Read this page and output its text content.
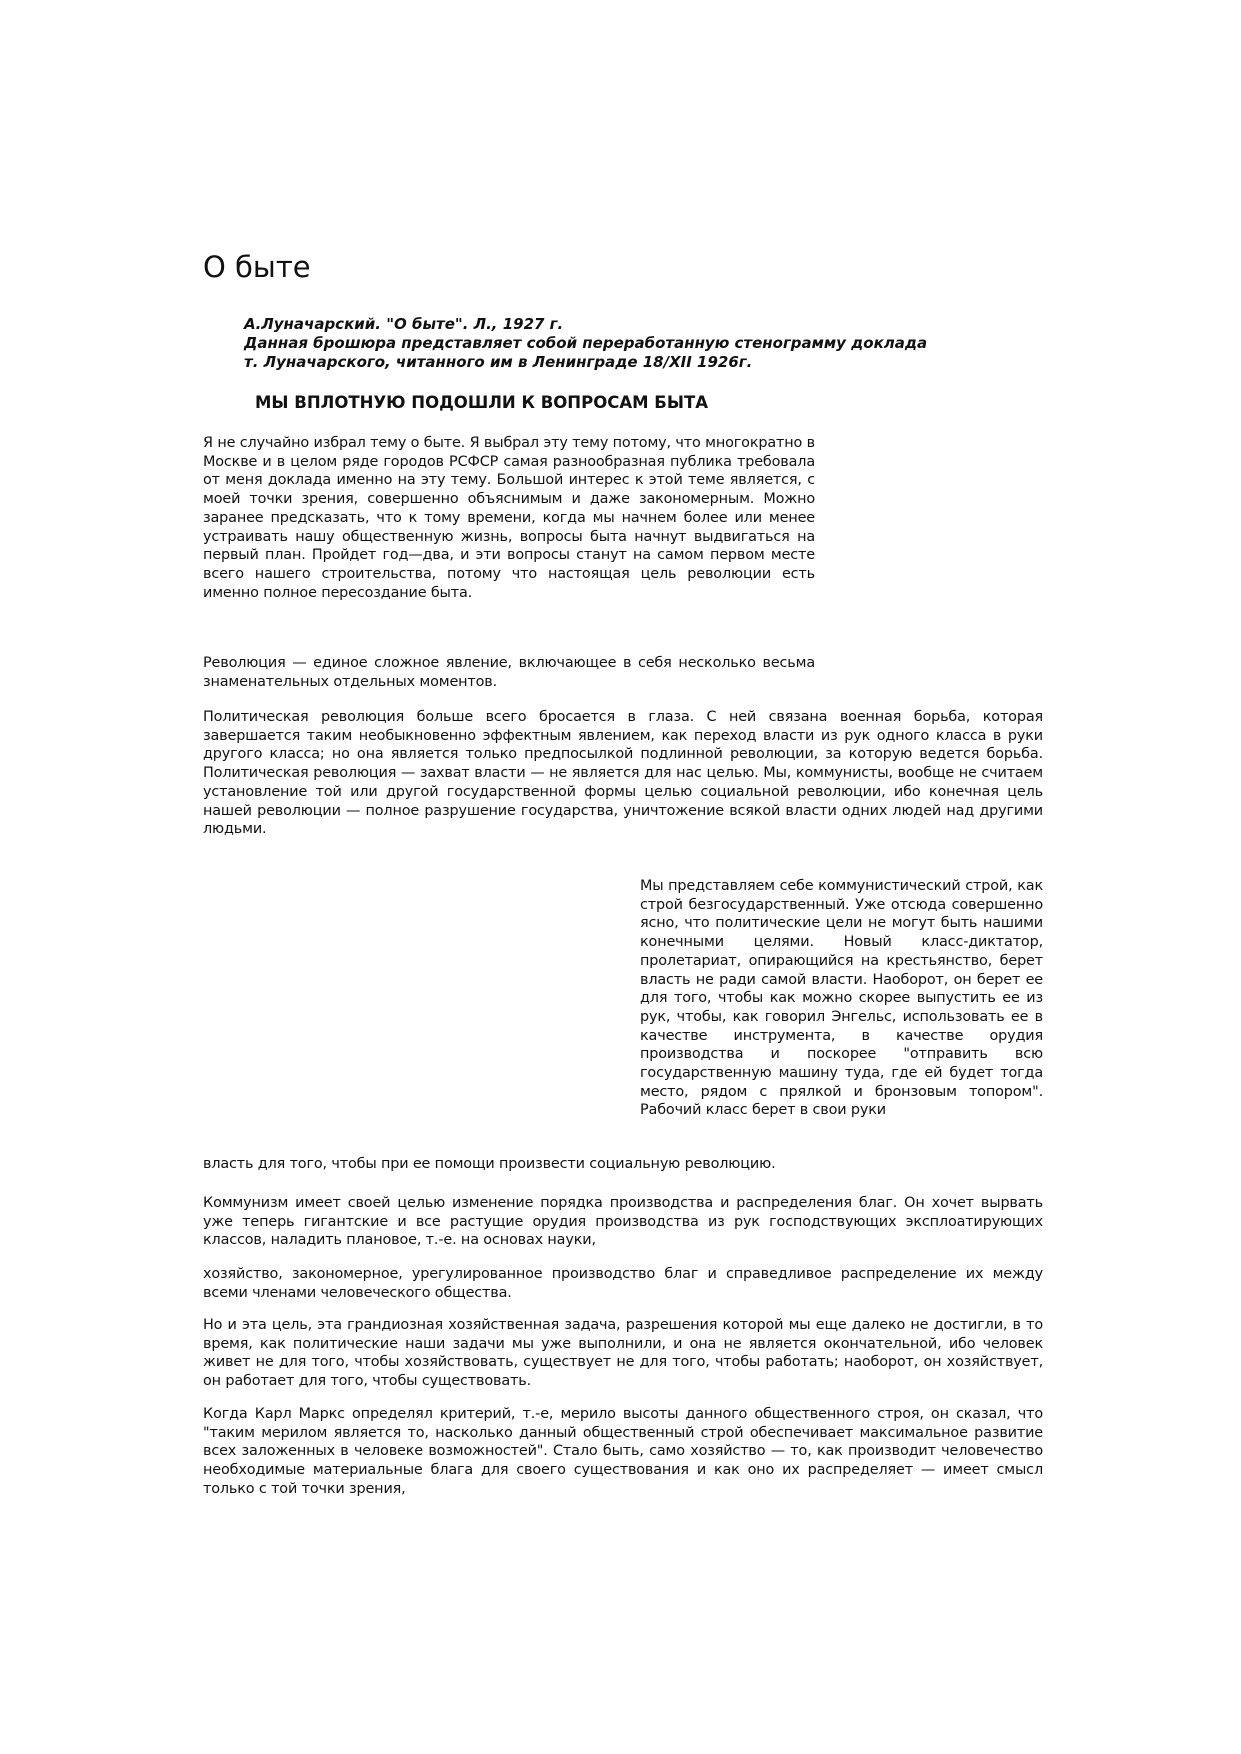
О быте
А.Луначарский. "О быте". Л., 1927 г.
Данная брошюра представляет собой переработанную стенограмму доклада
т. Луначарского, читанного им в Ленинграде 18/XII 1926г.
МЫ ВПЛОТНУЮ ПОДОШЛИ К ВОПРОСАМ БЫТА

Я не случайно избрал тему о быте. Я выбрал эту тему потому, что многократно в Москве и в целом ряде городов РСФСР самая разнообразная публика требовала от меня доклада именно на эту тему. Большой интерес к этой теме является, с моей точки зрения, совершенно объяснимым и даже закономерным. Можно заранее предсказать, что к тому времени, когда мы начнем более или менее устраивать нашу общественную жизнь, вопросы быта начнут выдвигаться на первый план. Пройдет год—два, и эти вопросы станут на самом первом месте всего нашего строительства, потому что настоящая цель революции есть именно полное пересоздание быта.

Революция — единое сложное явление, включающее в себя несколько весьма знаменательных отдельных моментов.

Политическая революция больше всего бросается в глаза. С ней связана военная борьба, которая завершается таким необыкновенно эффектным явлением, как переход власти из рук одного класса в руки другого класса; но она является только предпосылкой подлинной революции, за которую ведется борьба. Политическая революция — захват власти — не является для нас целью. Мы, коммунисты, вообще не считаем установление той или другой государственной формы целью социальной революции, ибо конечная цель нашей революции — полное разрушение государства, уничтожение всякой власти одних людей над другими людьми.

Мы представляем себе коммунистический строй, как строй безгосударственный. Уже отсюда совершенно ясно, что политические цели не могут быть нашими конечными целями. Новый класс-диктатор, пролетариат, опирающийся на крестьянство, берет власть не ради самой власти. Наоборот, он берет ее для того, чтобы как можно скорее выпустить ее из рук, чтобы, как говорил Энгельс, использовать ее в качестве инструмента, в качестве орудия производства и поскорее "отправить всю государственную машину туда, где ей будет тогда место, рядом с прялкой и бронзовым топором". Рабочий класс берет в свои руки

власть для того, чтобы при ее помощи произвести социальную революцию.

Коммунизм имеет своей целью изменение порядка производства и распределения благ. Он хочет вырвать уже теперь гигантские и все растущие орудия производства из рук господствующих эксплоатирующих классов, наладить плановое, т.-е. на основах науки,

хозяйство, закономерное, урегулированное производство благ и справедливое распределение их между всеми членами человеческого общества.

Но и эта цель, эта грандиозная хозяйственная задача, разрешения которой мы еще далеко не достигли, в то время, как политические наши задачи мы уже выполнили, и она не является окончательной, ибо человек живет не для того, чтобы хозяйствовать, существует не для того, чтобы работать; наоборот, он хозяйствует, он работает для того, чтобы существовать.

Когда Карл Маркс определял критерий, т.-е, мерило высоты данного общественного строя, он сказал, что "таким мерилом является то, насколько данный общественный строй обеспечивает максимальное развитие всех заложенных в человеке возможностей". Стало быть, само хозяйство — то, как производит человечество необходимые материальные блага для своего существования и как оно их распределяет — имеет смысл только с той точки зрения,
